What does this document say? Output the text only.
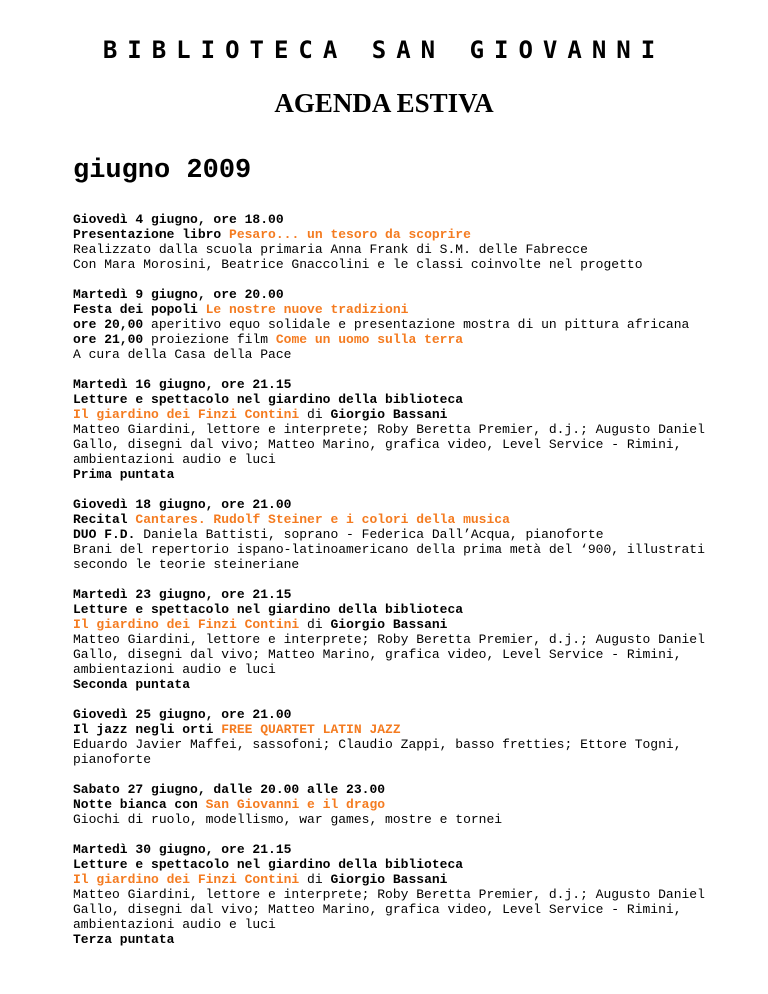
BIBLIOTECA SAN GIOVANNI
AGENDA ESTIVA
giugno 2009
Giovedì 4 giugno, ore 18.00
Presentazione libro Pesaro... un tesoro da scoprire
Realizzato dalla scuola primaria Anna Frank di S.M. delle Fabrecce
Con Mara Morosini, Beatrice Gnaccolini e le classi coinvolte nel progetto
Martedì 9 giugno, ore 20.00
Festa dei popoli Le nostre nuove tradizioni
ore 20,00 aperitivo equo solidale e presentazione mostra di un pittura africana
ore 21,00 proiezione film Come un uomo sulla terra
A cura della Casa della Pace
Martedì 16 giugno, ore 21.15
Letture e spettacolo nel giardino della biblioteca
Il giardino dei Finzi Contini di Giorgio Bassani
Matteo Giardini, lettore e interprete; Roby Beretta Premier, d.j.; Augusto Daniel Gallo, disegni dal vivo; Matteo Marino, grafica video, Level Service - Rimini, ambientazioni audio e luci
Prima puntata
Giovedì 18 giugno, ore 21.00
Recital Cantares. Rudolf Steiner e i colori della musica
DUO F.D. Daniela Battisti, soprano - Federica Dall’Acqua, pianoforte
Brani del repertorio ispano-latinoamericano della prima metà del ‘900, illustrati secondo le teorie steineriane
Martedì 23 giugno, ore 21.15
Letture e spettacolo nel giardino della biblioteca
Il giardino dei Finzi Contini di Giorgio Bassani
Matteo Giardini, lettore e interprete; Roby Beretta Premier, d.j.; Augusto Daniel Gallo, disegni dal vivo; Matteo Marino, grafica video, Level Service - Rimini, ambientazioni audio e luci
Seconda puntata
Giovedì 25 giugno, ore 21.00
Il jazz negli orti FREE QUARTET LATIN JAZZ
Eduardo Javier Maffei, sassofoni; Claudio Zappi, basso fretties; Ettore Togni, pianoforte
Sabato 27 giugno, dalle 20.00 alle 23.00
Notte bianca con San Giovanni e il drago
Giochi di ruolo, modellismo, war games, mostre e tornei
Martedì 30 giugno, ore 21.15
Letture e spettacolo nel giardino della biblioteca
Il giardino dei Finzi Contini di Giorgio Bassani
Matteo Giardini, lettore e interprete; Roby Beretta Premier, d.j.; Augusto Daniel Gallo, disegni dal vivo; Matteo Marino, grafica video, Level Service - Rimini, ambientazioni audio e luci
Terza puntata
